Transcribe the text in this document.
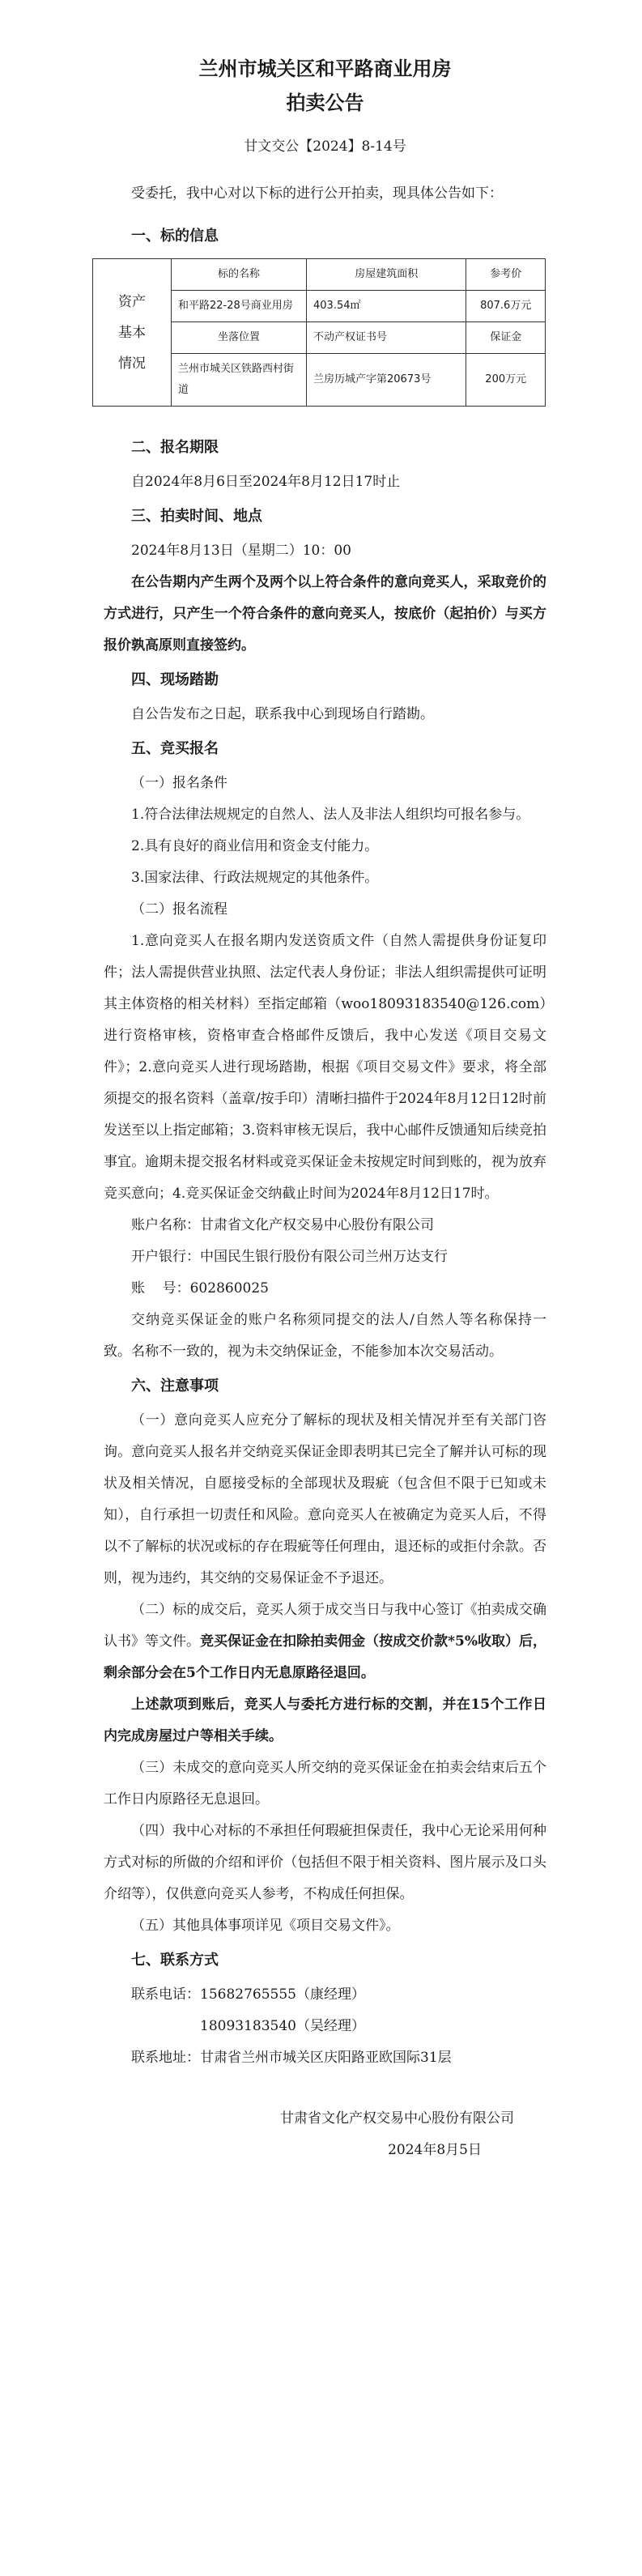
兰州市城关区和平路商业用房
拍卖公告
甘文交公【2024】8-14号

受委托，我中心对以下标的进行公开拍卖，现具体公告如下：

一、标的信息
资产
基本
情况	标的名称	房屋建筑面积	参考价
	和平路22-28号商业用房	403.54㎡	807.6万元
	坐落位置	不动产权证书号	保证金
	兰州市城关区铁路西村街道	兰房历城产字第20673号	200万元
二、报名期限

自2024年8月6日至2024年8月12日17时止

三、拍卖时间、地点

2024年8月13日（星期二）10：00

在公告期内产生两个及两个以上符合条件的意向竞买人，采取竞价的方式进行，只产生一个符合条件的意向竞买人，按底价（起拍价）与买方报价孰高原则直接签约。

四、现场踏勘

自公告发布之日起，联系我中心到现场自行踏勘。

五、竞买报名

（一）报名条件

1.符合法律法规规定的自然人、法人及非法人组织均可报名参与。

2.具有良好的商业信用和资金支付能力。

3.国家法律、行政法规规定的其他条件。

（二）报名流程

1.意向竞买人在报名期内发送资质文件（自然人需提供身份证复印件；法人需提供营业执照、法定代表人身份证；非法人组织需提供可证明其主体资格的相关材料）至指定邮箱（woo18093183540@126.com）进行资格审核，资格审查合格邮件反馈后，我中心发送《项目交易文件》；2.意向竞买人进行现场踏勘，根据《项目交易文件》要求，将全部须提交的报名资料（盖章/按手印）清晰扫描件于2024年8月12日12时前发送至以上指定邮箱；3.资料审核无误后，我中心邮件反馈通知后续竞拍事宜。逾期未提交报名材料或竞买保证金未按规定时间到账的，视为放弃竞买意向；4.竞买保证金交纳截止时间为2024年8月12日17时。

账户名称：甘肃省文化产权交易中心股份有限公司

开户银行：中国民生银行股份有限公司兰州万达支行

账    号：602860025

交纳竞买保证金的账户名称须同提交的法人/自然人等名称保持一致。名称不一致的，视为未交纳保证金，不能参加本次交易活动。

六、注意事项

（一）意向竞买人应充分了解标的现状及相关情况并至有关部门咨询。意向竞买人报名并交纳竞买保证金即表明其已完全了解并认可标的现状及相关情况，自愿接受标的全部现状及瑕疵（包含但不限于已知或未知），自行承担一切责任和风险。意向竞买人在被确定为竞买人后，不得以不了解标的状况或标的存在瑕疵等任何理由，退还标的或拒付余款。否则，视为违约，其交纳的交易保证金不予退还。

（二）标的成交后，竞买人须于成交当日与我中心签订《拍卖成交确认书》等文件。竞买保证金在扣除拍卖佣金（按成交价款*5%收取）后，剩余部分会在5个工作日内无息原路径退回。

上述款项到账后，竞买人与委托方进行标的交割，并在15个工作日内完成房屋过户等相关手续。

（三）未成交的意向竞买人所交纳的竞买保证金在拍卖会结束后五个工作日内原路径无息退回。

（四）我中心对标的不承担任何瑕疵担保责任，我中心无论采用何种方式对标的所做的介绍和评价（包括但不限于相关资料、图片展示及口头介绍等），仅供意向竞买人参考，不构成任何担保。

（五）其他具体事项详见《项目交易文件》。

七、联系方式

联系电话：15682765555（康经理）

18093183540（吴经理）

联系地址：甘肃省兰州市城关区庆阳路亚欧国际31层

甘肃省文化产权交易中心股份有限公司

2024年8月5日
